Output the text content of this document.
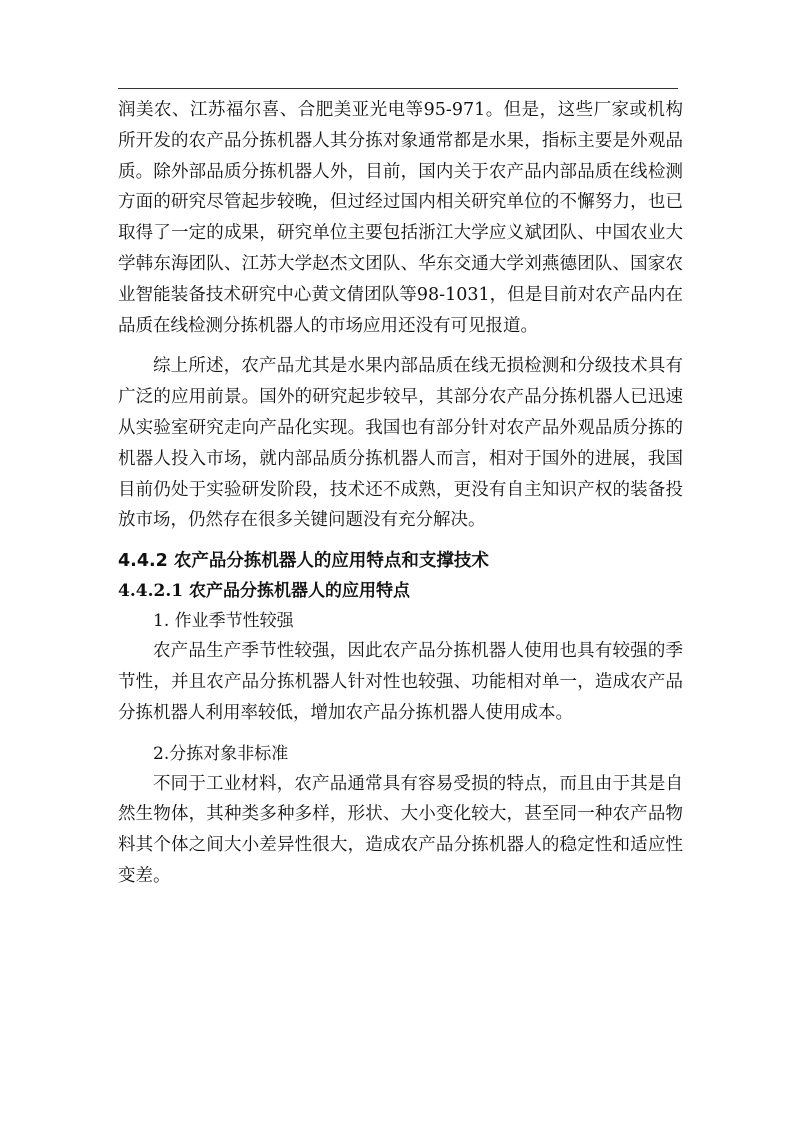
润美农、江苏福尔喜、合肥美亚光电等95-971。但是，这些厂家或机构所开发的农产品分拣机器人其分拣对象通常都是水果，指标主要是外观品质。除外部品质分拣机器人外，目前，国内关于农产品内部品质在线检测方面的研究尽管起步较晚，但过经过国内相关研究单位的不懈努力，也已取得了一定的成果，研究单位主要包括浙江大学应义斌团队、中国农业大学韩东海团队、江苏大学赵杰文团队、华东交通大学刘燕德团队、国家农业智能装备技术研究中心黄文倩团队等98-1031，但是目前对农产品内在品质在线检测分拣机器人的市场应用还没有可见报道。

综上所述，农产品尤其是水果内部品质在线无损检测和分级技术具有广泛的应用前景。国外的研究起步较早，其部分农产品分拣机器人已迅速从实验室研究走向产品化实现。我国也有部分针对农产品外观品质分拣的机器人投入市场，就内部品质分拣机器人而言，相对于国外的进展，我国目前仍处于实验研发阶段，技术还不成熟，更没有自主知识产权的装备投放市场，仍然存在很多关键问题没有充分解决。

4.4.2 农产品分拣机器人的应用特点和支撑技术
4.4.2.1 农产品分拣机器人的应用特点

1. 作业季节性较强

农产品生产季节性较强，因此农产品分拣机器人使用也具有较强的季节性，并且农产品分拣机器人针对性也较强、功能相对单一，造成农产品分拣机器人利用率较低，增加农产品分拣机器人使用成本。

2.分拣对象非标准

不同于工业材料，农产品通常具有容易受损的特点，而且由于其是自然生物体，其种类多种多样，形状、大小变化较大，甚至同一种农产品物料其个体之间大小差异性很大，造成农产品分拣机器人的稳定性和适应性变差。
